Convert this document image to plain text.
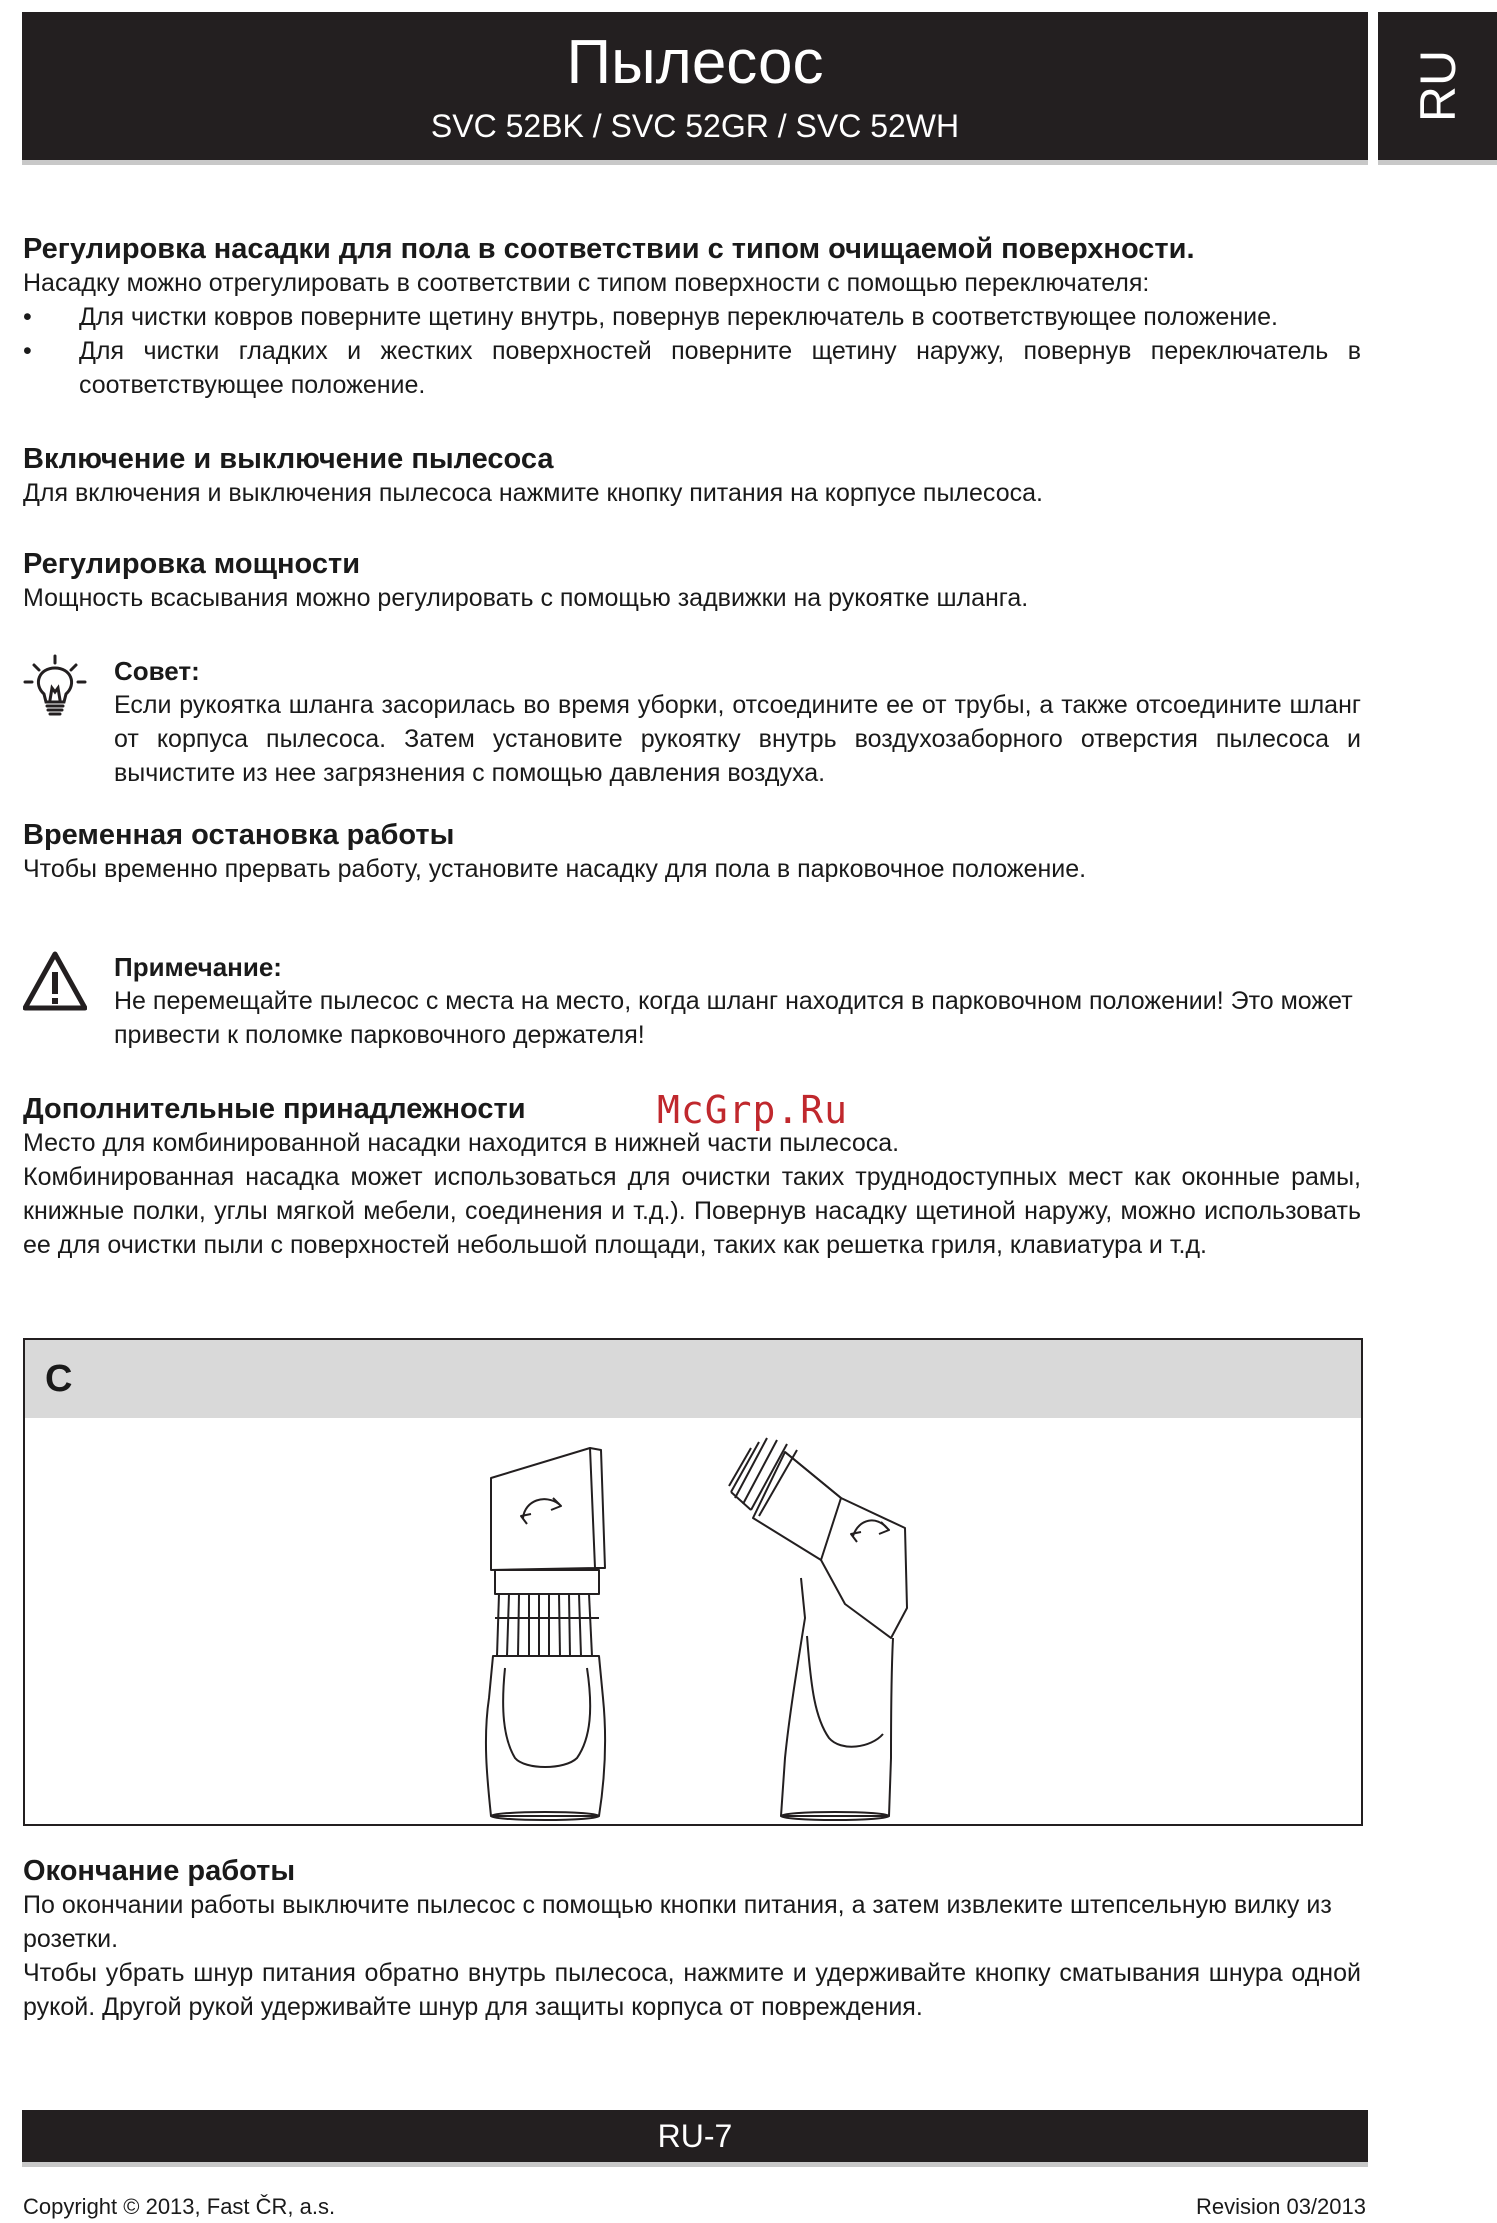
Пылесос
SVC 52BK / SVC 52GR / SVC 52WH
RU
Регулировка насадки для пола в соответствии с типом очищаемой поверхности.

Насадку можно отрегулировать в соответствии с типом поверхности с помощью переключателя:

• Для чистки ковров поверните щетину внутрь, повернув переключатель в соответствующее положение.
• Для чистки гладких и жестких поверхностей поверните щетину наружу, повернув переключатель в соответствующее положение.
Включение и выключение пылесоса

Для включения и выключения пылесоса нажмите кнопку питания на корпусе пылесоса.

Регулировка мощности

Мощность всасывания можно регулировать с помощью задвижки на рукоятке шланга.

Совет:

Если рукоятка шланга засорилась во время уборки, отсоедините ее от трубы, а также отсоедините шланг от корпуса пылесоса. Затем установите рукоятку внутрь воздухозаборного отверстия пылесоса и вычистите из нее загрязнения с помощью давления воздуха.

Временная остановка работы

Чтобы временно прервать работу, установите насадку для пола в парковочное положение.

Примечание:

Не перемещайте пылесос с места на место, когда шланг находится в парковочном положении! Это может привести к поломке парковочного держателя!

Дополнительные принадлежности

Место для комбинированной насадки находится в нижней части пылесоса.

Комбинированная насадка может использоваться для очистки таких труднодоступных мест как оконные рамы, книжные полки, углы мягкой мебели, соединения и т.д.). Повернув насадку щетиной наружу, можно использовать ее для очистки пыли с поверхностей небольшой площади, таких как решетка гриля, клавиатура и т.д.

McGrp.Ru
C
Окончание работы

По окончании работы выключите пылесос с помощью кнопки питания, а затем извлеките штепсельную вилку из розетки.

Чтобы убрать шнур питания обратно внутрь пылесоса, нажмите и удерживайте кнопку сматывания шнура одной рукой. Другой рукой удерживайте шнур для защиты корпуса от повреждения.

RU-7
Copyright © 2013, Fast ČR, a.s.	Revision 03/2013
